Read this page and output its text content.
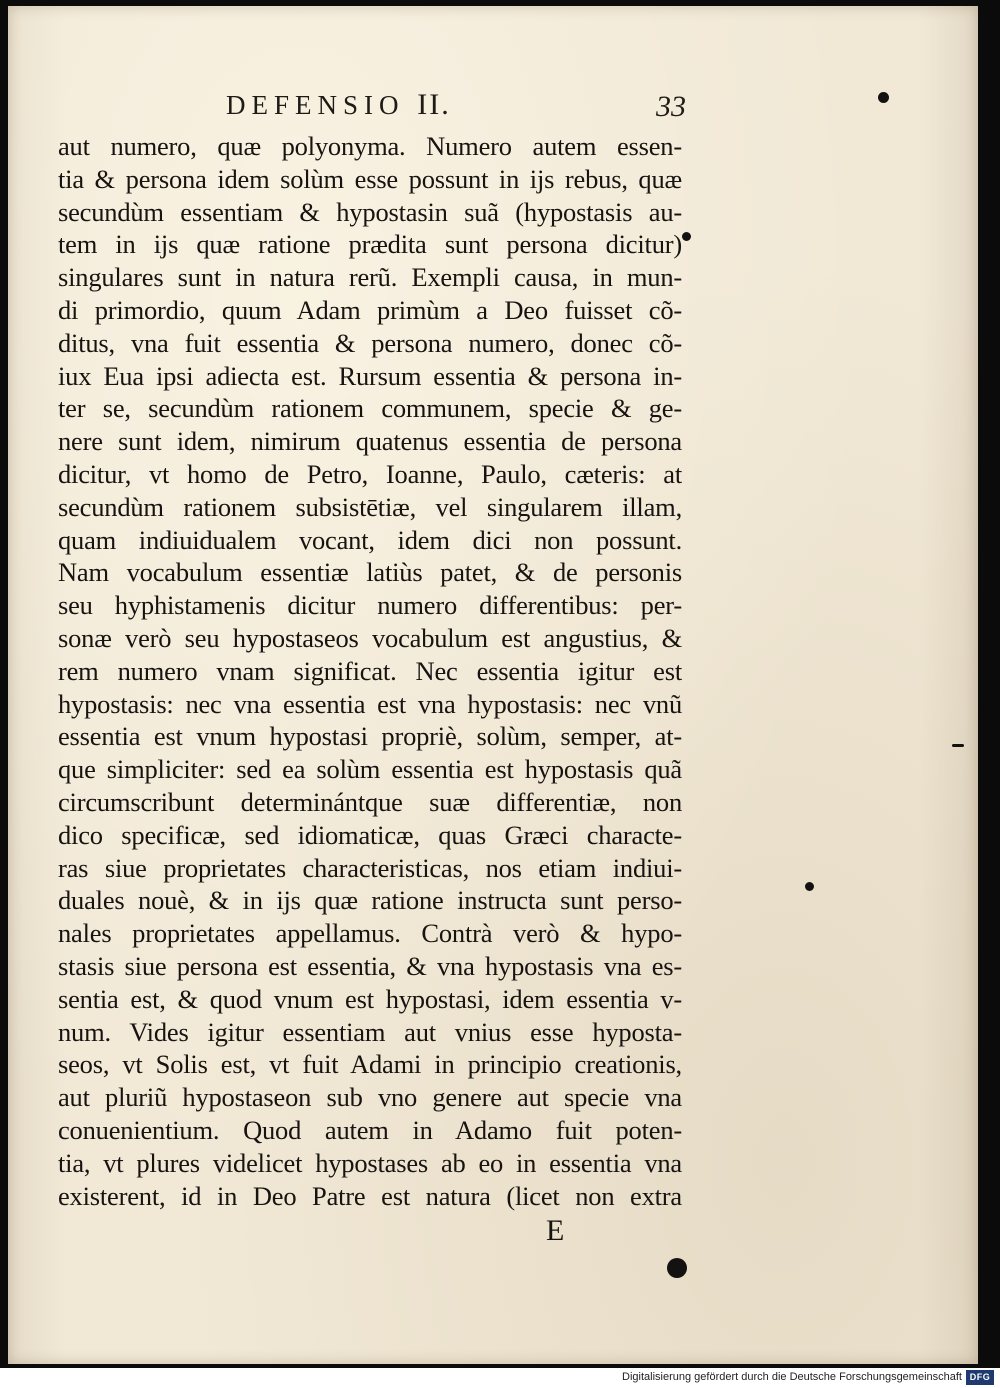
DEFENSIO II.	33
aut numero, quæ polyonyma. Numero autem essen-
tia & persona idem solùm esse possunt in ijs rebus, quæ
secundùm essentiam & hypostasin suã (hypostasis au-
tem in ijs quæ ratione prædita sunt persona dicitur)
singulares sunt in natura rerũ. Exempli causa, in mun-
di primordio, quum Adam primùm a Deo fuisset cõ-
ditus, vna fuit essentia & persona numero, donec cõ-
iux Eua ipsi adiecta est. Rursum essentia & persona in-
ter se, secundùm rationem communem, specie & ge-
nere sunt idem, nimirum quatenus essentia de persona
dicitur, vt homo de Petro, Ioanne, Paulo, cæteris: at
secundùm rationem subsistētiæ, vel singularem illam,
quam indiuidualem vocant, idem dici non possunt.
Nam vocabulum essentiæ latiùs patet, & de personis
seu hyphistamenis dicitur numero differentibus: per-
sonæ verò seu hypostaseos vocabulum est angustius, &
rem numero vnam significat. Nec essentia igitur est
hypostasis: nec vna essentia est vna hypostasis: nec vnũ
essentia est vnum hypostasi propriè, solùm, semper, at-
que simpliciter: sed ea solùm essentia est hypostasis quã
circumscribunt determinántque suæ differentiæ, non
dico specificæ, sed idiomaticæ, quas Græci characte-
ras siue proprietates characteristicas, nos etiam indiui-
duales nouè, & in ijs quæ ratione instructa sunt perso-
nales proprietates appellamus. Contrà verò & hypo-
stasis siue persona est essentia, & vna hypostasis vna es-
sentia est, & quod vnum est hypostasi, idem essentia v-
num. Vides igitur essentiam aut vnius esse hyposta-
seos, vt Solis est, vt fuit Adami in principio creationis,
aut pluriũ hypostaseon sub vno genere aut specie vna
conuenientium. Quod autem in Adamo fuit poten-
tia, vt plures videlicet hypostases ab eo in essentia vna
existerent, id in Deo Patre est natura (licet non extra
E
Digitalisierung gefördert durch die Deutsche Forschungsgemeinschaft DFG
